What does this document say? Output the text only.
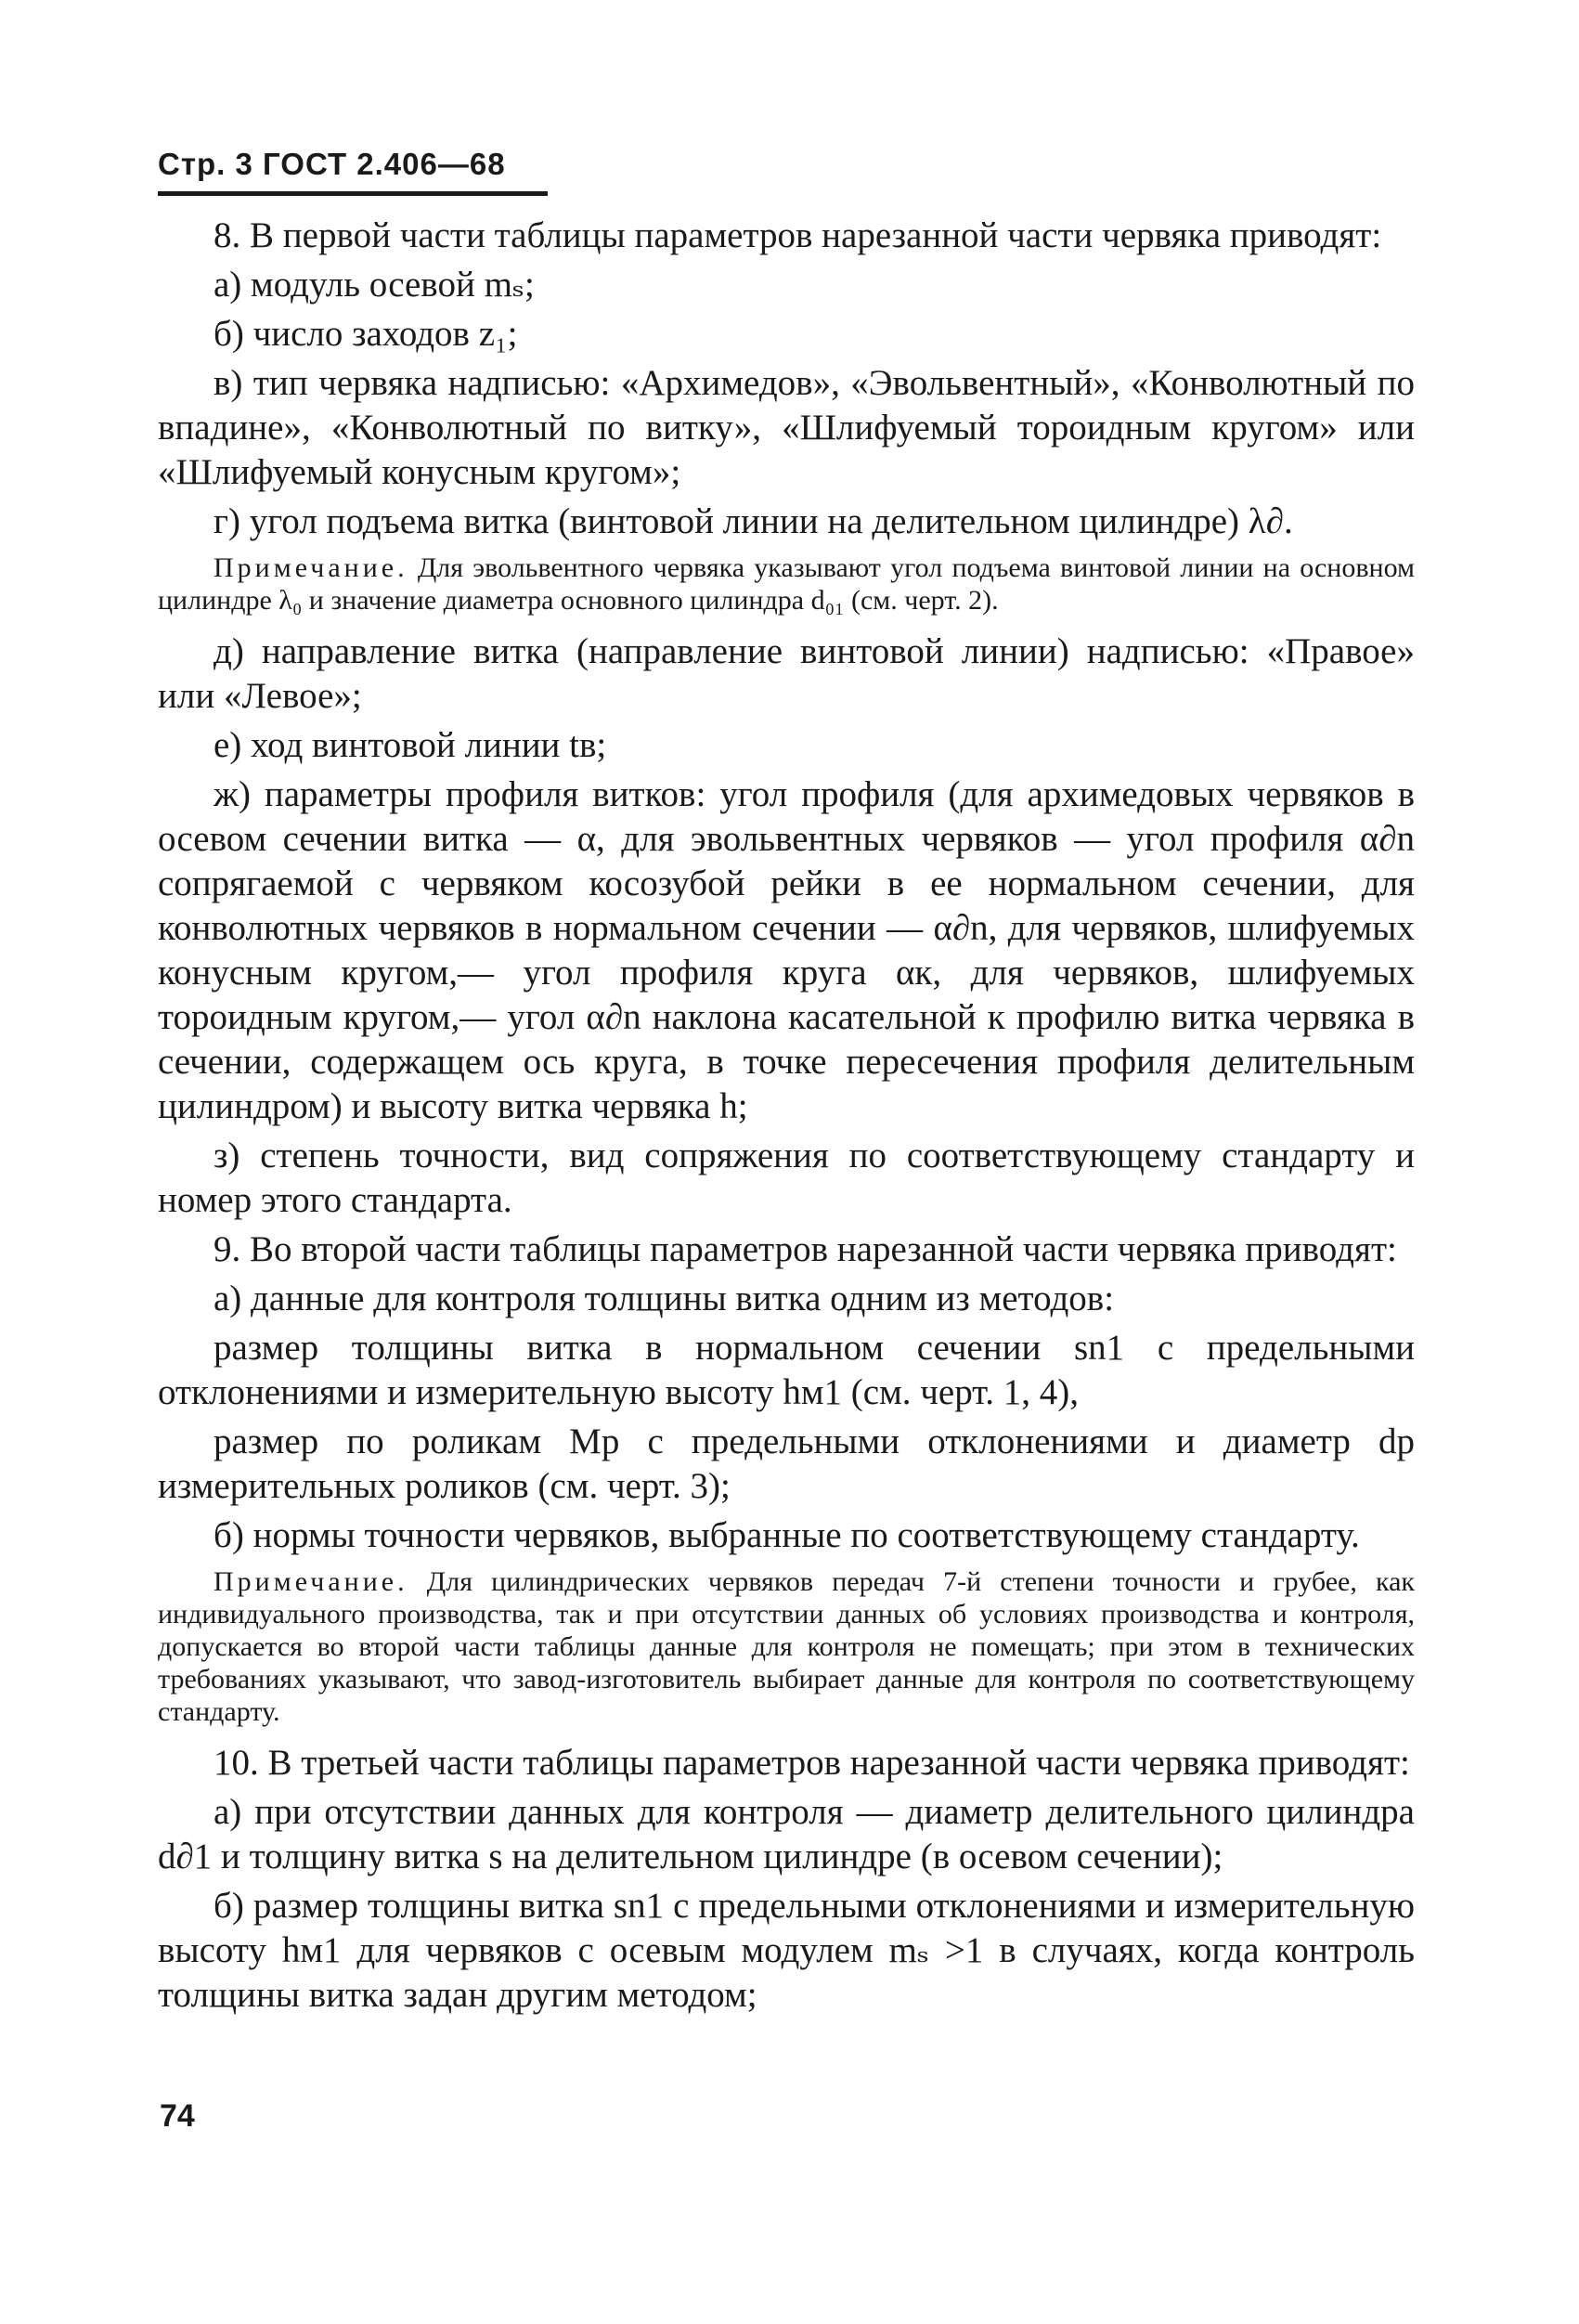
Стр. 3 ГОСТ 2.406—68

8. В первой части таблицы параметров нарезанной части червяка приводят:

а) модуль осевой mₛ;

б) число заходов z₁;

в) тип червяка надписью: «Архимедов», «Эвольвентный», «Конволютный по впадине», «Конволютный по витку», «Шлифуемый тороидным кругом» или «Шлифуемый конусным кругом»;

г) угол подъема витка (винтовой линии на делительном цилиндре) λ∂.

Примечание. Для эвольвентного червяка указывают угол подъема винтовой линии на основном цилиндре λ₀ и значение диаметра основного цилиндра d₀₁ (см. черт. 2).

д) направление витка (направление винтовой линии) надписью: «Правое» или «Левое»;

е) ход винтовой линии tв;

ж) параметры профиля витков: угол профиля (для архимедовых червяков в осевом сечении витка — α, для эвольвентных червяков — угол профиля α∂n сопрягаемой с червяком косозубой рейки в ее нормальном сечении, для конволютных червяков в нормальном сечении — α∂n, для червяков, шлифуемых конусным кругом,— угол профиля круга αк, для червяков, шлифуемых тороидным кругом,— угол α∂n наклона касательной к профилю витка червяка в сечении, содержащем ось круга, в точке пересечения профиля делительным цилиндром) и высоту витка червяка h;

з) степень точности, вид сопряжения по соответствующему стандарту и номер этого стандарта.

9. Во второй части таблицы параметров нарезанной части червяка приводят:

а) данные для контроля толщины витка одним из методов:

размер толщины витка в нормальном сечении sn1 с предельными отклонениями и измерительную высоту hм1 (см. черт. 1, 4),

размер по роликам Mр с предельными отклонениями и диаметр dр измерительных роликов (см. черт. 3);

б) нормы точности червяков, выбранные по соответствующему стандарту.

Примечание. Для цилиндрических червяков передач 7-й степени точности и грубее, как индивидуального производства, так и при отсутствии данных об условиях производства и контроля, допускается во второй части таблицы данные для контроля не помещать; при этом в технических требованиях указывают, что завод-изготовитель выбирает данные для контроля по соответствующему стандарту.

10. В третьей части таблицы параметров нарезанной части червяка приводят:

а) при отсутствии данных для контроля — диаметр делительного цилиндра d∂1 и толщину витка s на делительном цилиндре (в осевом сечении);

б) размер толщины витка sn1 с предельными отклонениями и измерительную высоту hм1 для червяков с осевым модулем mₛ >1 в случаях, когда контроль толщины витка задан другим методом;

74
